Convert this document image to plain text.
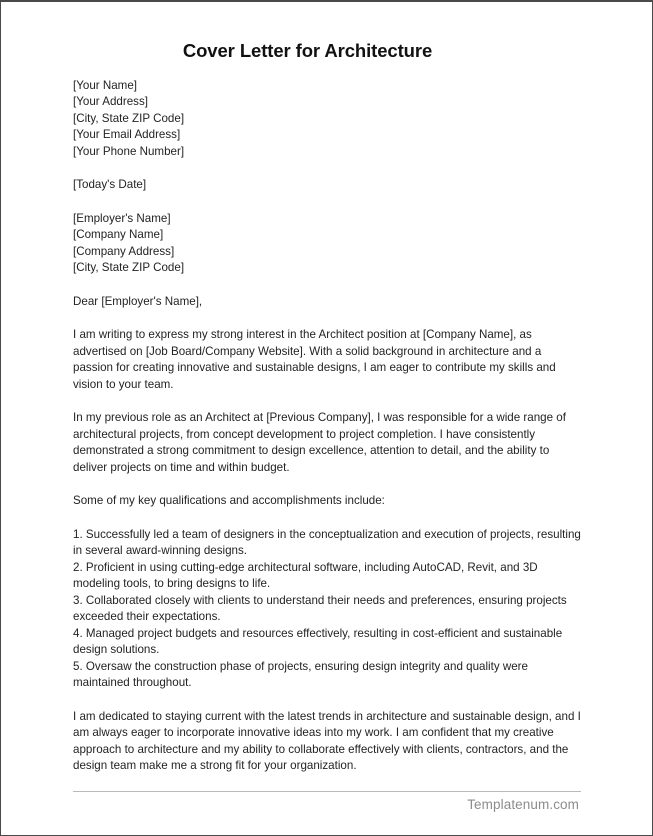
Cover Letter for Architecture
[Your Name]
[Your Address]
[City, State ZIP Code]
[Your Email Address]
[Your Phone Number]
[Today's Date]
[Employer's Name]
[Company Name]
[Company Address]
[City, State ZIP Code]
Dear [Employer's Name],

I am writing to express my strong interest in the Architect position at [Company Name], as advertised on [Job Board/Company Website]. With a solid background in architecture and a passion for creating innovative and sustainable designs, I am eager to contribute my skills and vision to your team.

In my previous role as an Architect at [Previous Company], I was responsible for a wide range of architectural projects, from concept development to project completion. I have consistently demonstrated a strong commitment to design excellence, attention to detail, and the ability to deliver projects on time and within budget.

Some of my key qualifications and accomplishments include:
1. Successfully led a team of designers in the conceptualization and execution of projects, resulting in several award-winning designs.
2. Proficient in using cutting-edge architectural software, including AutoCAD, Revit, and 3D modeling tools, to bring designs to life.
3. Collaborated closely with clients to understand their needs and preferences, ensuring projects exceeded their expectations.
4. Managed project budgets and resources effectively, resulting in cost-efficient and sustainable design solutions.
5. Oversaw the construction phase of projects, ensuring design integrity and quality were maintained throughout.

I am dedicated to staying current with the latest trends in architecture and sustainable design, and I am always eager to incorporate innovative ideas into my work. I am confident that my creative approach to architecture and my ability to collaborate effectively with clients, contractors, and the design team make me a strong fit for your organization.

Templatenum.com
